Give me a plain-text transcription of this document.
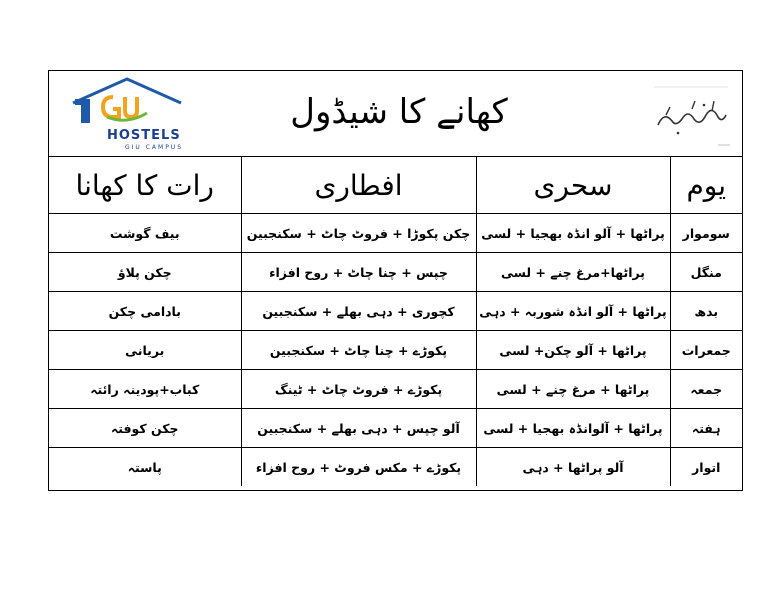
HOSTELS
GIU CAMPUS
کھانے کا شیڈول
یوم	سحری	افطاری	رات کا کھانا
سوموار	پراٹھا + آلو انڈہ بھجیا + لسی	چکن پکوڑا + فروٹ چاٹ + سکنجبین	بیف گوشت
منگل	پراٹھا+مرغ چنے + لسی	چپس + چنا چاٹ + روح افزاء	چکن پلاؤ
بدھ	پراٹھا + آلو انڈہ شوربہ + دہی	کچوری + دہی بھلے + سکنجبین	بادامی چکن
جمعرات	پراٹھا + آلو چکن+ لسی	پکوڑے + چنا چاٹ + سکنجبین	بریانی
جمعہ	پراٹھا + مرغ چنے + لسی	پکوڑے + فروٹ چاٹ + ٹینگ	کباب+پودینہ رائتہ
ہفتہ	پراٹھا + آلوانڈہ بھجیا + لسی	آلو چپس + دہی بھلے + سکنجبین	چکن کوفتہ
اتوار	آلو پراٹھا + دہی	پکوڑے + مکس فروٹ + روح افزاء	پاستہ
